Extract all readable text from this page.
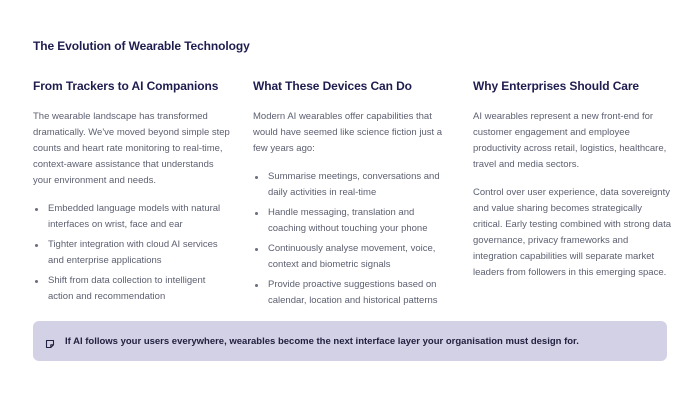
The Evolution of Wearable Technology
From Trackers to AI Companions

The wearable landscape has transformed dramatically. We've moved beyond simple step counts and heart rate monitoring to real-time, context-aware assistance that understands your environment and needs.

Embedded language models with natural interfaces on wrist, face and ear
Tighter integration with cloud AI services and enterprise applications
Shift from data collection to intelligent action and recommendation
What These Devices Can Do

Modern AI wearables offer capabilities that would have seemed like science fiction just a few years ago:

Summarise meetings, conversations and daily activities in real-time
Handle messaging, translation and coaching without touching your phone
Continuously analyse movement, voice, context and biometric signals
Provide proactive suggestions based on calendar, location and historical patterns
Why Enterprises Should Care

AI wearables represent a new front-end for customer engagement and employee productivity across retail, logistics, healthcare, travel and media sectors.

Control over user experience, data sovereignty and value sharing becomes strategically critical. Early testing combined with strong data governance, privacy frameworks and integration capabilities will separate market leaders from followers in this emerging space.

If AI follows your users everywhere, wearables become the next interface layer your organisation must design for.
